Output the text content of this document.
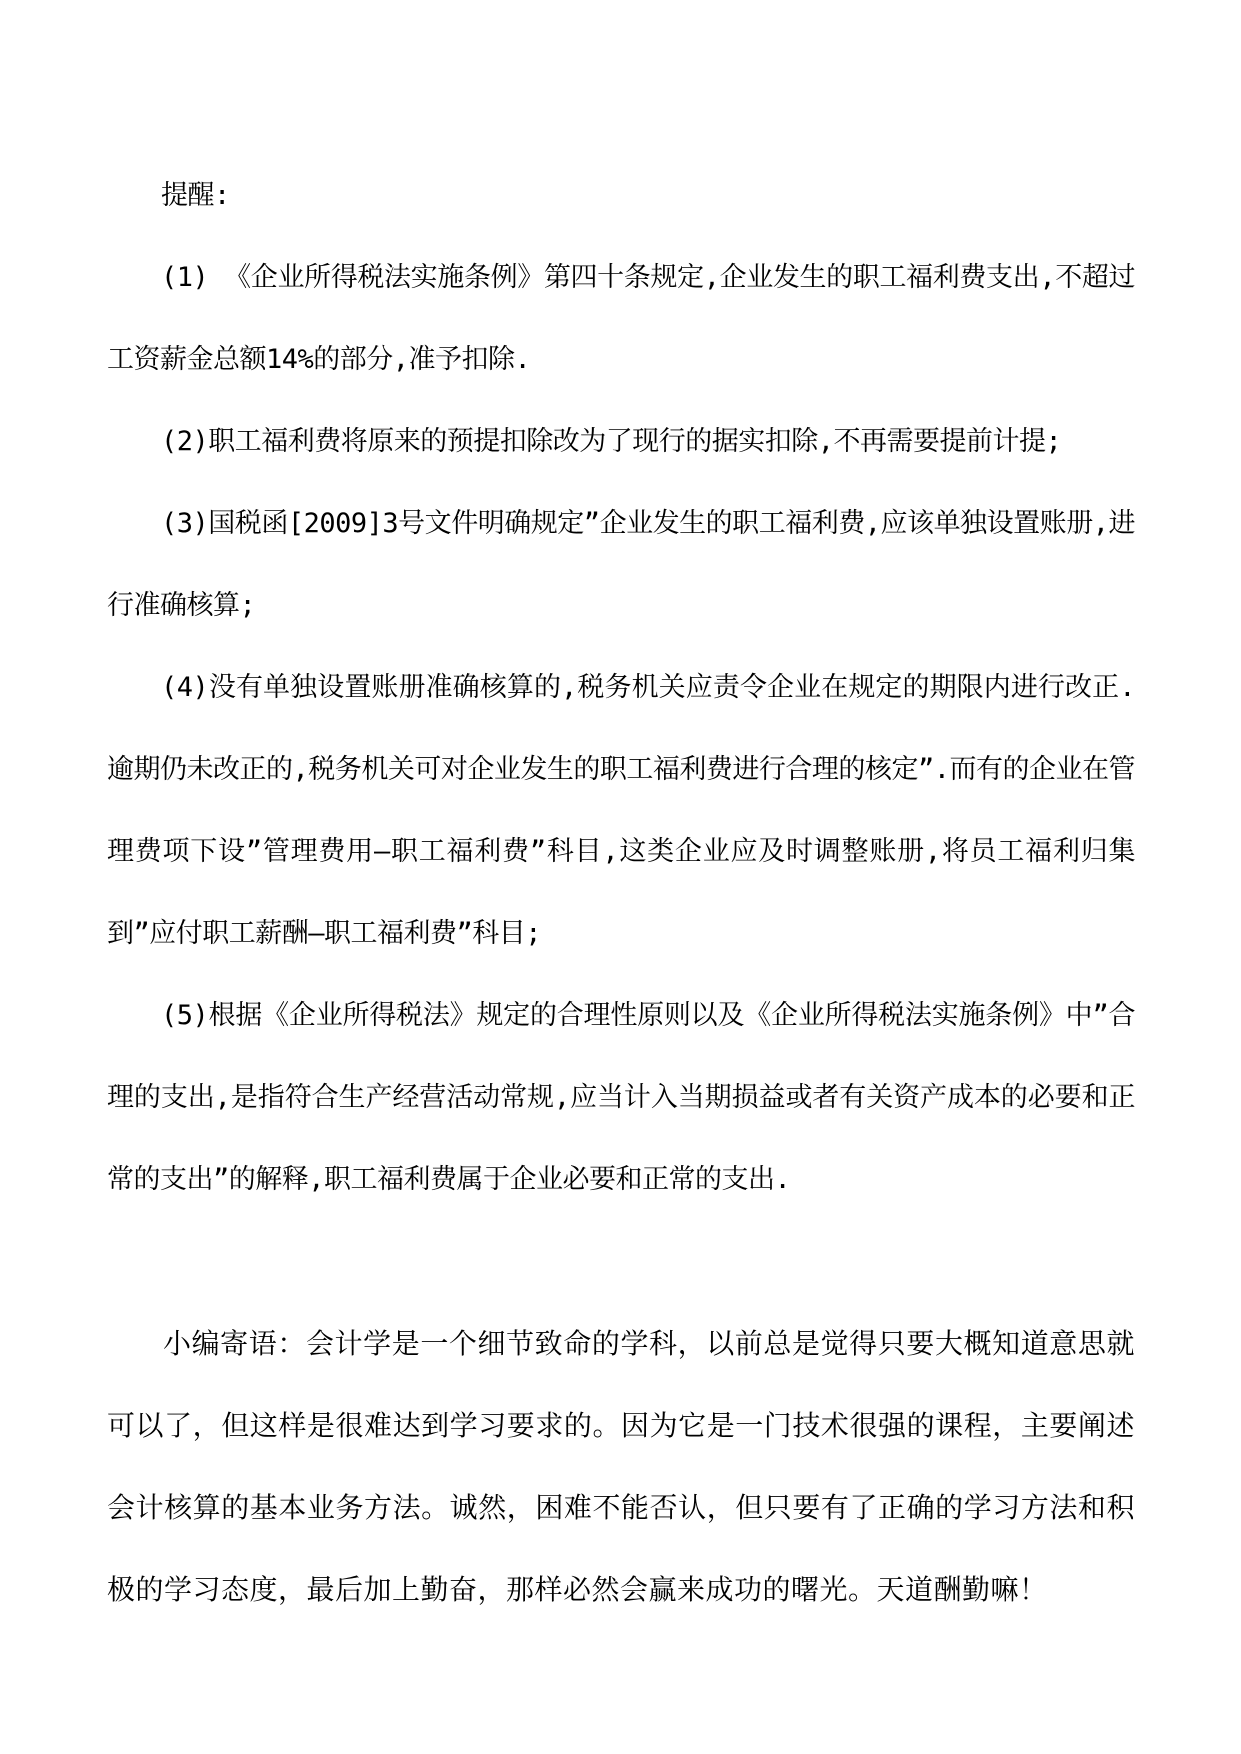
提醒:

(1) 《企业所得税法实施条例》第四十条规定,企业发生的职工福利费支出,不超过工资薪金总额14%的部分,准予扣除.

(2)职工福利费将原来的预提扣除改为了现行的据实扣除,不再需要提前计提;

(3)国税函[2009]3号文件明确规定”企业发生的职工福利费,应该单独设置账册,进行准确核算;

(4)没有单独设置账册准确核算的,税务机关应责令企业在规定的期限内进行改正.逾期仍未改正的,税务机关可对企业发生的职工福利费进行合理的核定”.而有的企业在管理费项下设”管理费用—职工福利费”科目,这类企业应及时调整账册,将员工福利归集到”应付职工薪酬—职工福利费”科目;

(5)根据《企业所得税法》规定的合理性原则以及《企业所得税法实施条例》中”合理的支出,是指符合生产经营活动常规,应当计入当期损益或者有关资产成本的必要和正常的支出”的解释,职工福利费属于企业必要和正常的支出.

小编寄语：会计学是一个细节致命的学科，以前总是觉得只要大概知道意思就可以了，但这样是很难达到学习要求的。因为它是一门技术很强的课程，主要阐述会计核算的基本业务方法。诚然，困难不能否认，但只要有了正确的学习方法和积极的学习态度，最后加上勤奋，那样必然会赢来成功的曙光。天道酬勤嘛！
